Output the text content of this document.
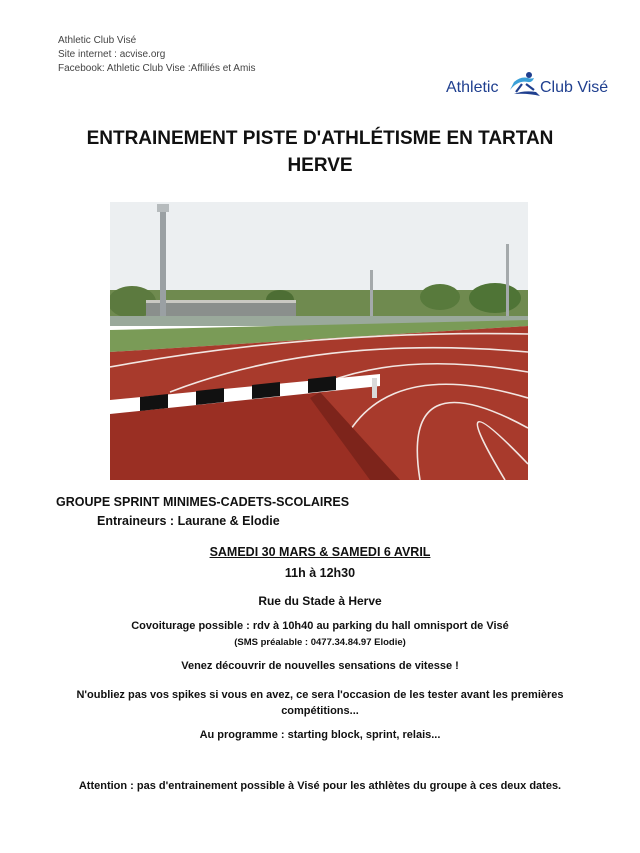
Athletic Club Visé
Site internet : acvise.org
Facebook: Athletic Club Vise :Affiliés et Amis
Athletic	Club Visé
ENTRAINEMENT PISTE D'ATHLÉTISME EN TARTAN
HERVE
GROUPE SPRINT MINIMES-CADETS-SCOLAIRES
Entraineurs : Laurane & Elodie
SAMEDI 30 MARS & SAMEDI 6 AVRIL
11h à 12h30
Rue du Stade à Herve
Covoiturage possible : rdv à 10h40 au parking du hall omnisport de Visé
(SMS préalable : 0477.34.84.97 Elodie)
Venez découvrir de nouvelles sensations de vitesse !
N'oubliez pas vos spikes si vous en avez, ce sera l'occasion de les tester avant les premières compétitions...
Au programme : starting block, sprint, relais...
Attention : pas d'entrainement possible à Visé pour les athlètes du groupe à ces deux dates.
